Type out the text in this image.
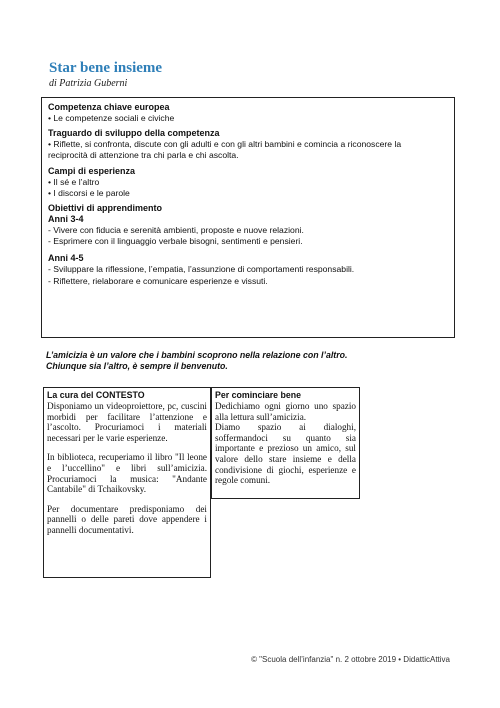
Star bene insieme
di Patrizia Guberni
Competenza chiave europea

• Le competenze sociali e civiche

Traguardo di sviluppo della competenza

• Riflette, si confronta, discute con gli adulti e con gli altri bambini e comincia a riconoscere la

reciprocità di attenzione tra chi parla e chi ascolta.

Campi di esperienza

• Il sé e l’altro

• I discorsi e le parole

Obiettivi di apprendimento
Anni 3-4

- Vivere con fiducia e serenità ambienti, proposte e nuove relazioni.

- Esprimere con il linguaggio verbale bisogni, sentimenti e pensieri.

Anni 4-5

- Sviluppare la riflessione, l’empatia, l’assunzione di comportamenti responsabili.

- Riflettere, rielaborare e comunicare esperienze e vissuti.

L’amicizia è un valore che i bambini scoprono nella relazione con l’altro.
Chiunque sia l’altro, è sempre il benvenuto.
La cura del CONTESTO

Disponiamo un videoproiettore, pc, cuscini morbidi per facilitare l’attenzione e l’ascolto. Procuriamoci i materiali necessari per le varie esperienze.

In biblioteca, recuperiamo il libro "Il leone e l’uccellino" e libri sull’amicizia. Procuriamoci la musica: "Andante Cantabile" di Tchaikovsky.

Per documentare predisponiamo dei pannelli o delle pareti dove appendere i pannelli documentativi.

Per cominciare bene

Dedichiamo ogni giorno uno spazio alla lettura sull’amicizia.

Diamo spazio ai dialoghi, soffermandoci su quanto sia importante e prezioso un amico, sul valore dello stare insieme e della condivisione di giochi, esperienze e regole comuni.

© "Scuola dell’infanzia" n. 2 ottobre 2019 • DidatticAttiva
